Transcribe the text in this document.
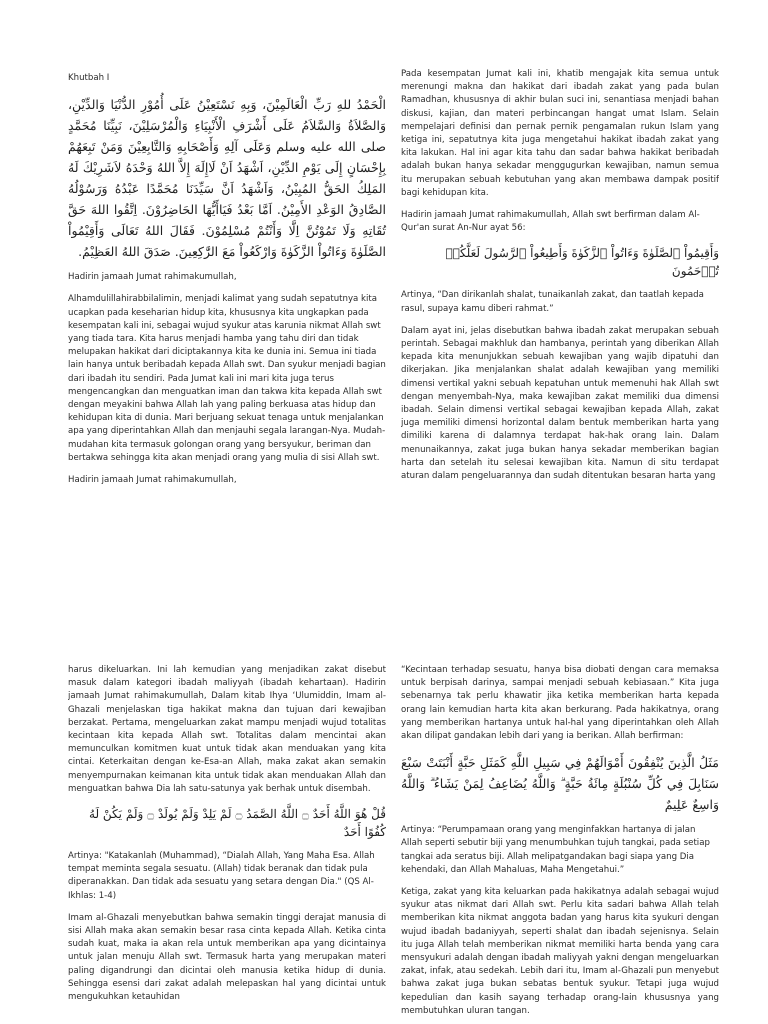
Khutbah I

الْحَمْدُ للهِ رَبِّ الْعَالَمِيْنَ، وَبِهِ نَسْتَعِيْنُ عَلَى أُمُوْرِ الدُّنْيَا وَالدِّيْنِ، وَالصَّلاَةُ وَالسَّلاَمُ عَلَى أَشْرَفِ الْأَنْبِيَاءِ وَالْمُرْسَلِيْنَ، نَبِيِّنَا مُحَمَّدٍ صلى الله عليه وسلم وَعَلَى آلِهِ وَأَصْحَابِهِ وَالتَّابِعِيْنَ وَمَنْ تَبِعَهُمْ بِإِحْسَانٍ إِلَى يَوْمِ الدِّيْنِ، اَشْهَدُ اَنْ لَاإِلَهَ إِلاَّ اللهُ وَحْدَهُ لاَشَرِيْكَ لَهُ المَلِكُ الحَقُّ المُبِيْنُ، وَاَشْهَدُ اَنَّ سَيِّدَنَا مُحَمَّدًا عَبْدُهُ وَرَسُوْلُهُ الصَّادِقُ الوَعْدِ الأَمِيْنُ. اَمَّا بَعْدُ فَيَاأَيُّهَا الحَاضِرُوْنَ. اِتَّقُوا اللهَ حَقَّ تُقَاتِهِ وَلَا تَمُوْتُنَّ اِلَّا وَأَنْتُمْ مُسْلِمُوْنَ. فَقَالَ اللهُ تَعَالَى وَأَقِيْمُواْ الصَّلَوٰةَ وَءَاتُواْ الزَّكَوٰةَ وَارْكَعُواْ مَعَ الرَّٰكِعِينَ. صَدَقَ اللهُ العَظِيْمُ.

Hadirin jamaah Jumat rahimakumullah,

Alhamdulillahirabbilalimin, menjadi kalimat yang sudah sepatutnya kita ucapkan pada keseharian hidup kita, khususnya kita ungkapkan pada kesempatan kali ini, sebagai wujud syukur atas karunia nikmat Allah swt yang tiada tara. Kita harus menjadi hamba yang tahu diri dan tidak melupakan hakikat dari diciptakannya kita ke dunia ini. Semua ini tiada lain hanya untuk beribadah kepada Allah swt. Dan syukur menjadi bagian dari ibadah itu sendiri. Pada Jumat kali ini mari kita juga terus mengencangkan dan menguatkan iman dan takwa kita kepada Allah swt dengan meyakini bahwa Allah lah yang paling berkuasa atas hidup dan kehidupan kita di dunia. Mari berjuang sekuat tenaga untuk menjalankan apa yang diperintahkan Allah dan menjauhi segala larangan-Nya. Mudah-mudahan kita termasuk golongan orang yang bersyukur, beriman dan bertakwa sehingga kita akan menjadi orang yang mulia di sisi Allah swt.

Hadirin jamaah Jumat rahimakumullah,

Pada kesempatan Jumat kali ini, khatib mengajak kita semua untuk merenungi makna dan hakikat dari ibadah zakat yang pada bulan Ramadhan, khususnya di akhir bulan suci ini, senantiasa menjadi bahan diskusi, kajian, dan materi perbincangan hangat umat Islam. Selain mempelajari definisi dan pernak pernik pengamalan rukun Islam yang ketiga ini, sepatutnya kita juga mengetahui hakikat ibadah zakat yang kita lakukan. Hal ini agar kita tahu dan sadar bahwa hakikat beribadah adalah bukan hanya sekadar menggugurkan kewajiban, namun semua itu merupakan sebuah kebutuhan yang akan membawa dampak positif bagi kehidupan kita.

Hadirin jamaah Jumat rahimakumullah, Allah swt berfirman dalam Al-Qur'an surat An-Nur ayat 56:

وَأَقِيمُواْ ٱلصَّلَوٰةَ وَءَاتُواْ ٱلزَّكَوٰةَ وَأَطِيعُواْ ٱلرَّسُولَ لَعَلَّكُمۡ تُرۡحَمُونَ

Artinya, “Dan dirikanlah shalat, tunaikanlah zakat, dan taatlah kepada rasul, supaya kamu diberi rahmat.”

Dalam ayat ini, jelas disebutkan bahwa ibadah zakat merupakan sebuah perintah. Sebagai makhluk dan hambanya, perintah yang diberikan Allah kepada kita menunjukkan sebuah kewajiban yang wajib dipatuhi dan dikerjakan. Jika menjalankan shalat adalah kewajiban yang memiliki dimensi vertikal yakni sebuah kepatuhan untuk memenuhi hak Allah swt dengan menyembah-Nya, maka kewajiban zakat memiliki dua dimensi ibadah. Selain dimensi vertikal sebagai kewajiban kepada Allah, zakat juga memiliki dimensi horizontal dalam bentuk memberikan harta yang dimiliki karena di dalamnya terdapat hak-hak orang lain. Dalam menunaikannya, zakat juga bukan hanya sekadar memberikan bagian harta dan setelah itu selesai kewajiban kita. Namun di situ terdapat aturan dalam pengeluarannya dan sudah ditentukan besaran harta yang

harus dikeluarkan. Ini lah kemudian yang menjadikan zakat disebut masuk dalam kategori ibadah maliyyah (ibadah kehartaan). Hadirin jamaah Jumat rahimakumullah, Dalam kitab Ihya ‘Ulumiddin, Imam al-Ghazali menjelaskan tiga hakikat makna dan tujuan dari kewajiban berzakat. Pertama, mengeluarkan zakat mampu menjadi wujud totalitas kecintaan kita kepada Allah swt. Totalitas dalam mencintai akan memunculkan komitmen kuat untuk tidak akan menduakan yang kita cintai. Keterkaitan dengan ke-Esa-an Allah, maka zakat akan semakin menyempurnakan keimanan kita untuk tidak akan menduakan Allah dan menguatkan bahwa Dia lah satu-satunya yak berhak untuk disembah.

قُلْ هُوَ اللَّهُ أَحَدٌ ۝ اللَّهُ الصَّمَدُ ۝ لَمْ يَلِدْ وَلَمْ يُولَدْ ۝ وَلَمْ يَكُنْ لَهُ كُفُوًا أَحَدٌ

Artinya: "Katakanlah (Muhammad), “Dialah Allah, Yang Maha Esa. Allah tempat meminta segala sesuatu. (Allah) tidak beranak dan tidak pula diperanakkan. Dan tidak ada sesuatu yang setara dengan Dia." (QS Al-Ikhlas: 1-4)

Imam al-Ghazali menyebutkan bahwa semakin tinggi derajat manusia di sisi Allah maka akan semakin besar rasa cinta kepada Allah. Ketika cinta sudah kuat, maka ia akan rela untuk memberikan apa yang dicintainya untuk jalan menuju Allah swt. Termasuk harta yang merupakan materi paling digandrungi dan dicintai oleh manusia ketika hidup di dunia. Sehingga esensi dari zakat adalah melepaskan hal yang dicintai untuk mengukuhkan ketauhidan

“Kecintaan terhadap sesuatu, hanya bisa diobati dengan cara memaksa untuk berpisah darinya, sampai menjadi sebuah kebiasaan.” Kita juga sebenarnya tak perlu khawatir jika ketika memberikan harta kepada orang lain kemudian harta kita akan berkurang. Pada hakikatnya, orang yang memberikan hartanya untuk hal-hal yang diperintahkan oleh Allah akan dilipat gandakan lebih dari yang ia berikan. Allah berfirman:

مَثَلُ الَّذِينَ يُنْفِقُونَ أَمْوَالَهُمْ فِي سَبِيلِ اللَّهِ كَمَثَلِ حَبَّةٍ أَنْبَتَتْ سَبْعَ سَنَابِلَ فِي كُلِّ سُنْبُلَةٍ مِائَةُ حَبَّةٍ ۗ وَاللَّهُ يُضَاعِفُ لِمَنْ يَشَاءُ ۗ وَاللَّهُ وَاسِعٌ عَلِيمٌ

Artinya: “Perumpamaan orang yang menginfakkan hartanya di jalan Allah seperti sebutir biji yang menumbuhkan tujuh tangkai, pada setiap tangkai ada seratus biji. Allah melipatgandakan bagi siapa yang Dia kehendaki, dan Allah Mahaluas, Maha Mengetahui.”

Ketiga, zakat yang kita keluarkan pada hakikatnya adalah sebagai wujud syukur atas nikmat dari Allah swt. Perlu kita sadari bahwa Allah telah memberikan kita nikmat anggota badan yang harus kita syukuri dengan wujud ibadah badaniyyah, seperti shalat dan ibadah sejenisnya. Selain itu juga Allah telah memberikan nikmat memiliki harta benda yang cara mensyukuri adalah dengan ibadah maliyyah yakni dengan mengeluarkan zakat, infak, atau sedekah. Lebih dari itu, Imam al-Ghazali pun menyebut bahwa zakat juga bukan sebatas bentuk syukur. Tetapi juga wujud kepedulian dan kasih sayang terhadap orang-lain khususnya yang membutuhkan uluran tangan.
